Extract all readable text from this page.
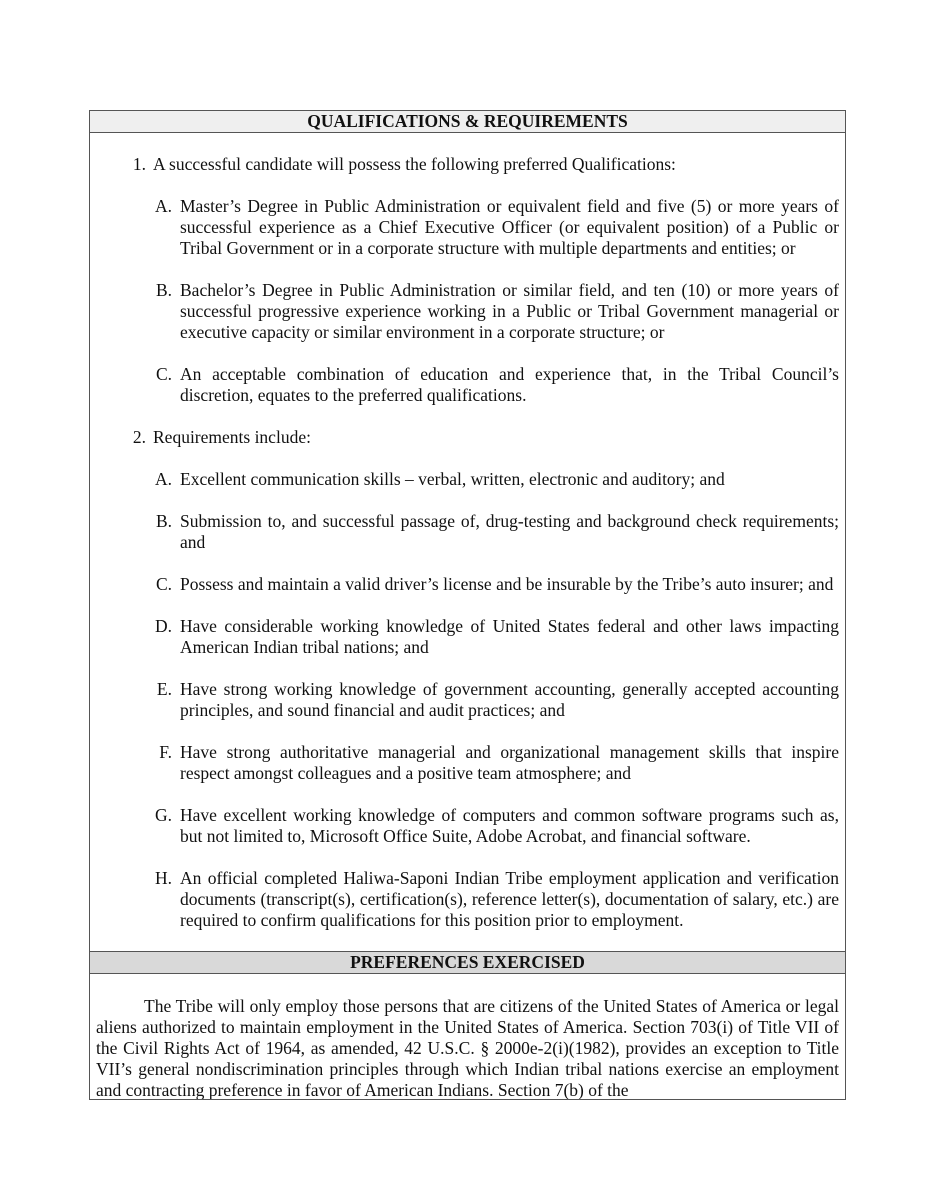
QUALIFICATIONS & REQUIREMENTS
1. A successful candidate will possess the following preferred Qualifications:
A. Master’s Degree in Public Administration or equivalent field and five (5) or more years of successful experience as a Chief Executive Officer (or equivalent position) of a Public or Tribal Government or in a corporate structure with multiple departments and entities; or
B. Bachelor’s Degree in Public Administration or similar field, and ten (10) or more years of successful progressive experience working in a Public or Tribal Government managerial or executive capacity or similar environment in a corporate structure; or
C. An acceptable combination of education and experience that, in the Tribal Council’s discretion, equates to the preferred qualifications.
2. Requirements include:
A. Excellent communication skills – verbal, written, electronic and auditory; and
B. Submission to, and successful passage of, drug-testing and background check requirements; and
C. Possess and maintain a valid driver’s license and be insurable by the Tribe’s auto insurer; and
D. Have considerable working knowledge of United States federal and other laws impacting American Indian tribal nations; and
E. Have strong working knowledge of government accounting, generally accepted accounting principles, and sound financial and audit practices; and
F. Have strong authoritative managerial and organizational management skills that inspire respect amongst colleagues and a positive team atmosphere; and
G. Have excellent working knowledge of computers and common software programs such as, but not limited to, Microsoft Office Suite, Adobe Acrobat, and financial software.
H. An official completed Haliwa-Saponi Indian Tribe employment application and verification documents (transcript(s), certification(s), reference letter(s), documentation of salary, etc.) are required to confirm qualifications for this position prior to employment.
PREFERENCES EXERCISED
The Tribe will only employ those persons that are citizens of the United States of America or legal aliens authorized to maintain employment in the United States of America. Section 703(i) of Title VII of the Civil Rights Act of 1964, as amended, 42 U.S.C. § 2000e-2(i)(1982), provides an exception to Title VII’s general nondiscrimination principles through which Indian tribal nations exercise an employment and contracting preference in favor of American Indians. Section 7(b) of the
